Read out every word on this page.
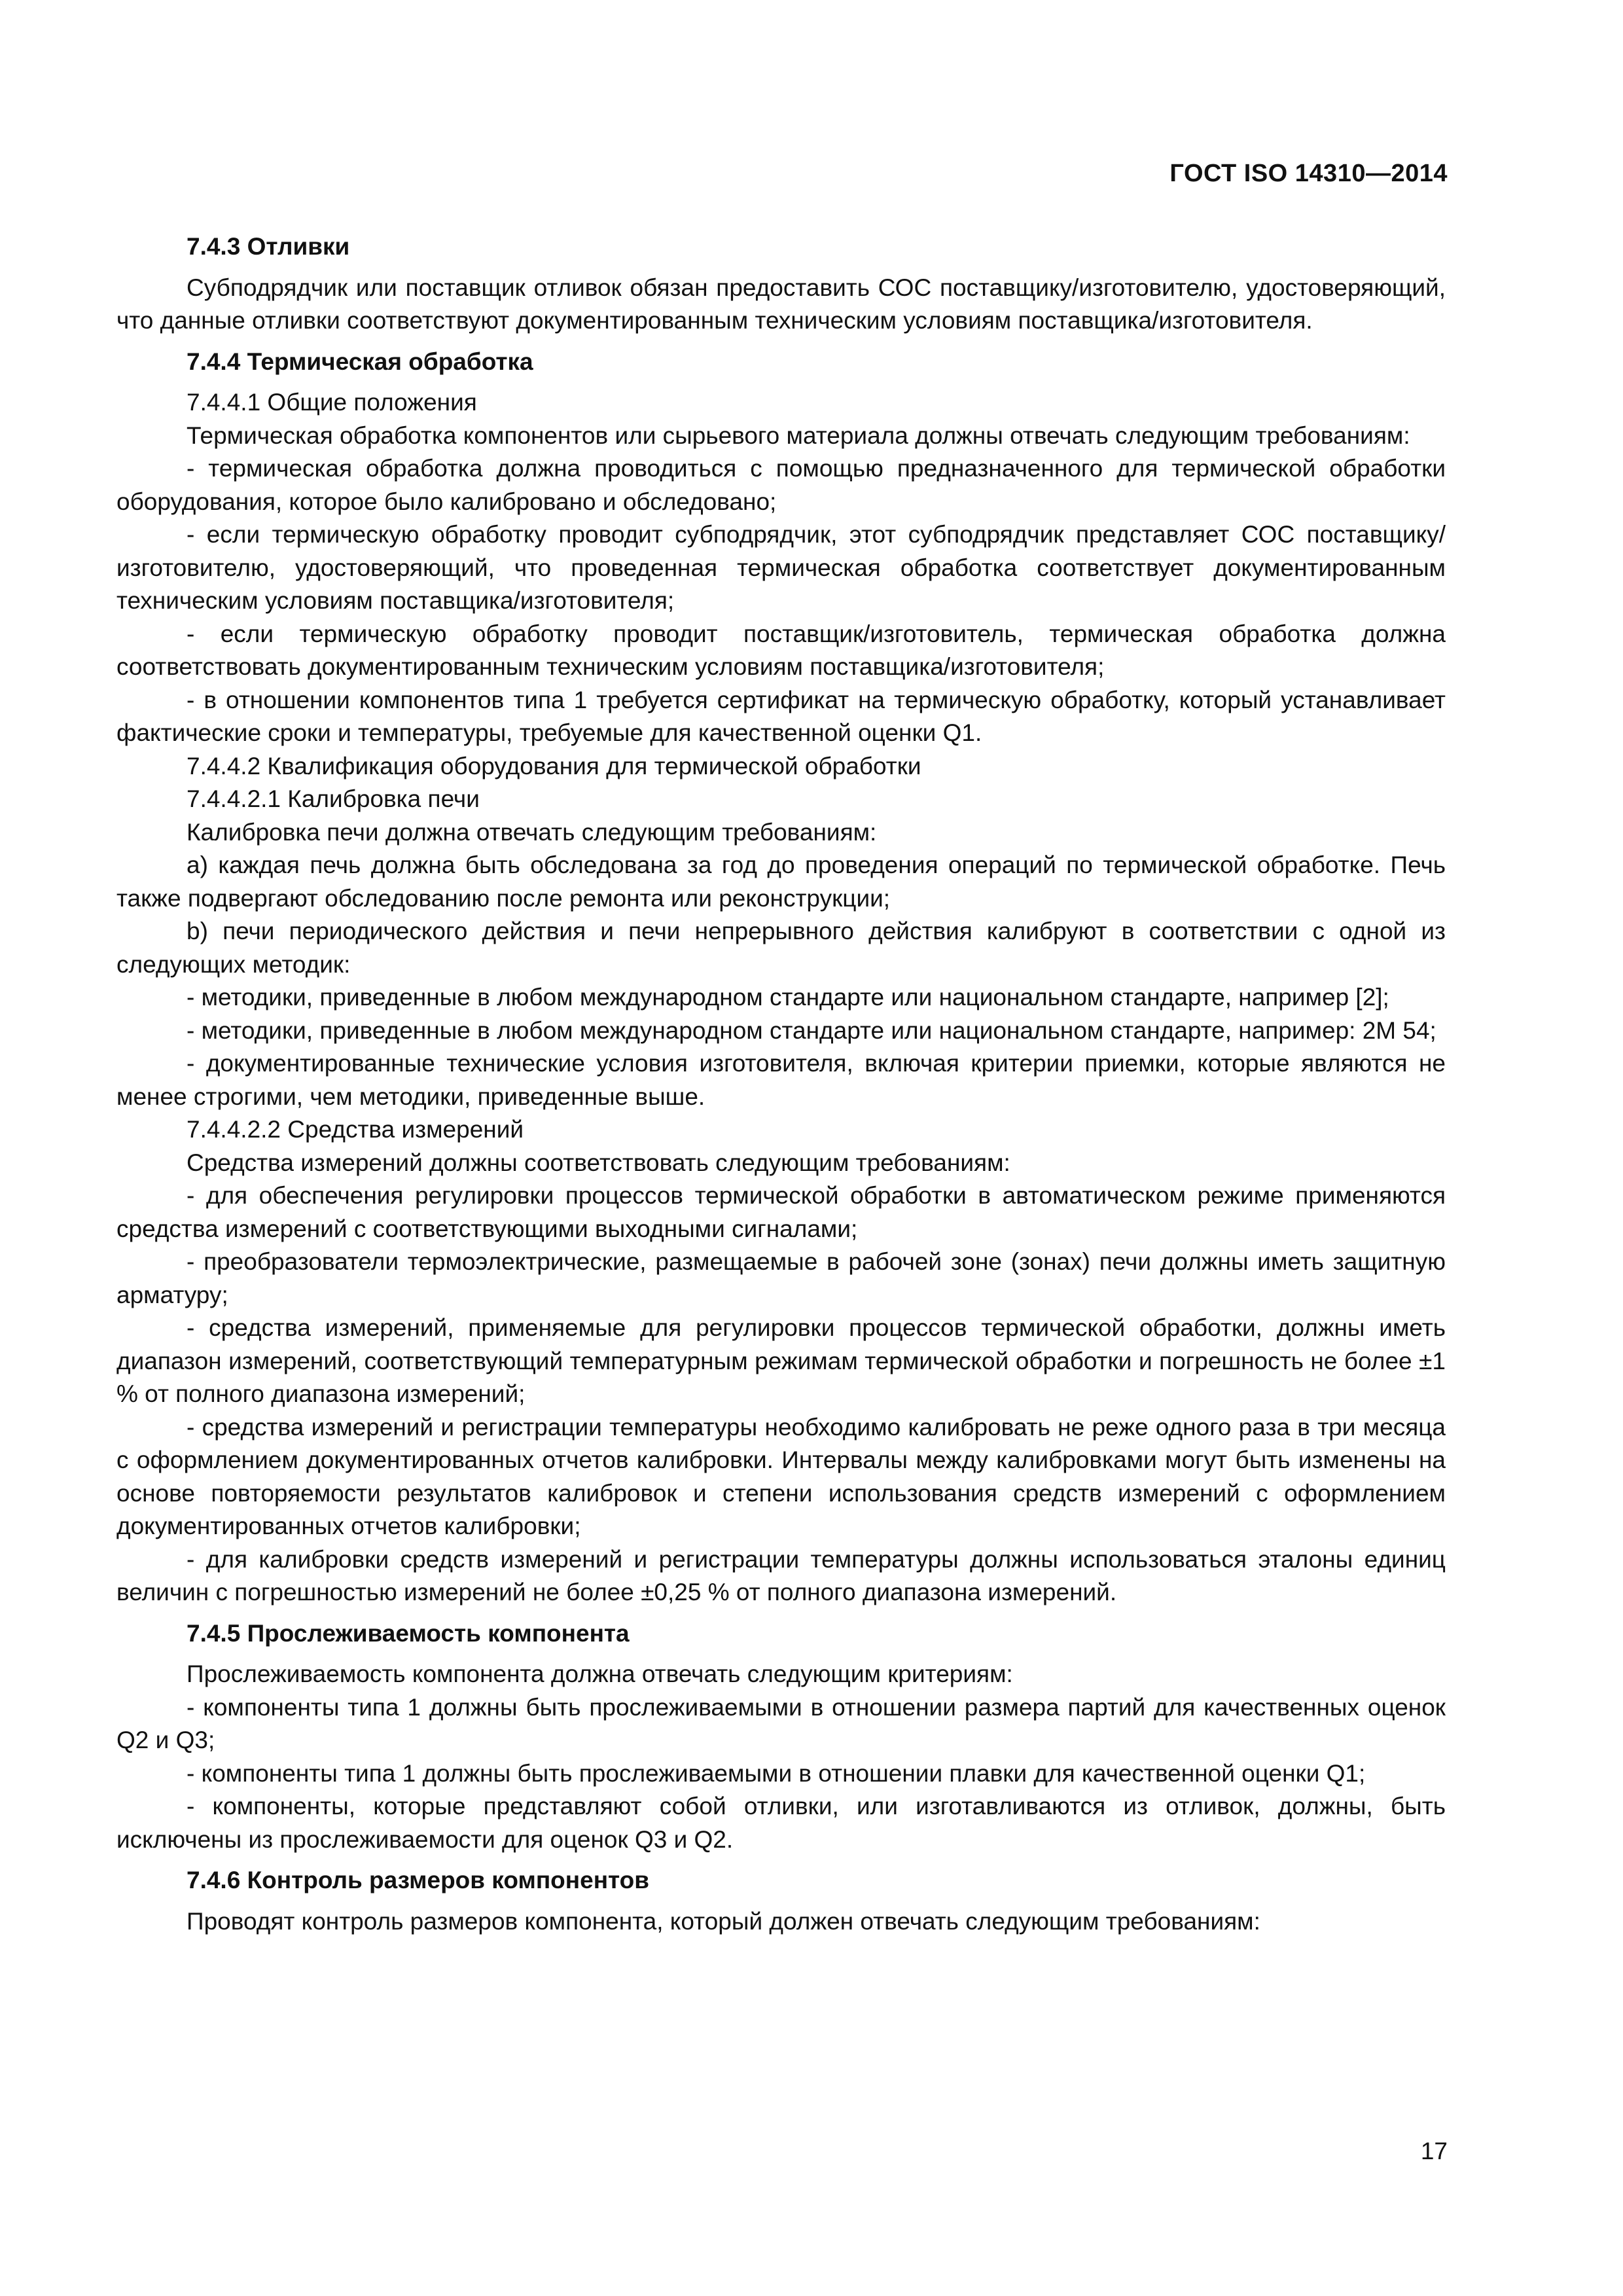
ГОСТ ISO 14310—2014

7.4.3 Отливки

Субподрядчик или поставщик отливок обязан предоставить СОС поставщику/изготовителю, удостоверяющий, что данные отливки соответствуют документированным техническим условиям поставщика/изготовителя.

7.4.4 Термическая обработка

7.4.4.1 Общие положения

Термическая обработка компонентов или сырьевого материала должны отвечать следующим требованиям:

- термическая обработка должна проводиться с помощью предназначенного для термической обработки оборудования, которое было калибровано и обследовано;

- если термическую обработку проводит субподрядчик, этот субподрядчик представляет СОС поставщику/изготовителю, удостоверяющий, что проведенная термическая обработка соответствует документированным техническим условиям поставщика/изготовителя;

- если термическую обработку проводит поставщик/изготовитель, термическая обработка должна соответствовать документированным техническим условиям поставщика/изготовителя;

- в отношении компонентов типа 1 требуется сертификат на термическую обработку, который устанавливает фактические сроки и температуры, требуемые для качественной оценки Q1.

7.4.4.2 Квалификация оборудования для термической обработки

7.4.4.2.1 Калибровка печи

Калибровка печи должна отвечать следующим требованиям:

a) каждая печь должна быть обследована за год до проведения операций по термической обработке. Печь также подвергают обследованию после ремонта или реконструкции;

b) печи периодического действия и печи непрерывного действия калибруют в соответствии с одной из следующих методик:

- методики, приведенные в любом международном стандарте или национальном стандарте, например [2];

- методики, приведенные в любом международном стандарте или национальном стандарте, например: 2М 54;

- документированные технические условия изготовителя, включая критерии приемки, которые являются не менее строгими, чем методики, приведенные выше.

7.4.4.2.2 Средства измерений

Средства измерений должны соответствовать следующим требованиям:

- для обеспечения регулировки процессов термической обработки в автоматическом режиме применяются средства измерений с соответствующими выходными сигналами;

- преобразователи термоэлектрические, размещаемые в рабочей зоне (зонах) печи должны иметь защитную арматуру;

- средства измерений, применяемые для регулировки процессов термической обработки, должны иметь диапазон измерений, соответствующий температурным режимам термической обработки и погрешность не более ±1 % от полного диапазона измерений;

- средства измерений и регистрации температуры необходимо калибровать не реже одного раза в три месяца с оформлением документированных отчетов калибровки. Интервалы между калибровками могут быть изменены на основе повторяемости результатов калибровок и степени использования средств измерений с оформлением документированных отчетов калибровки;

- для калибровки средств измерений и регистрации температуры должны использоваться эталоны единиц величин с погрешностью измерений не более ±0,25 % от полного диапазона измерений.

7.4.5 Прослеживаемость компонента

Прослеживаемость компонента должна отвечать следующим критериям:

- компоненты типа 1 должны быть прослеживаемыми в отношении размера партий для качественных оценок Q2 и Q3;

- компоненты типа 1 должны быть прослеживаемыми в отношении плавки для качественной оценки Q1;

- компоненты, которые представляют собой отливки, или изготавливаются из отливок, должны, быть исключены из прослеживаемости для оценок Q3 и Q2.

7.4.6 Контроль размеров компонентов

Проводят контроль размеров компонента, который должен отвечать следующим требованиям:

17
